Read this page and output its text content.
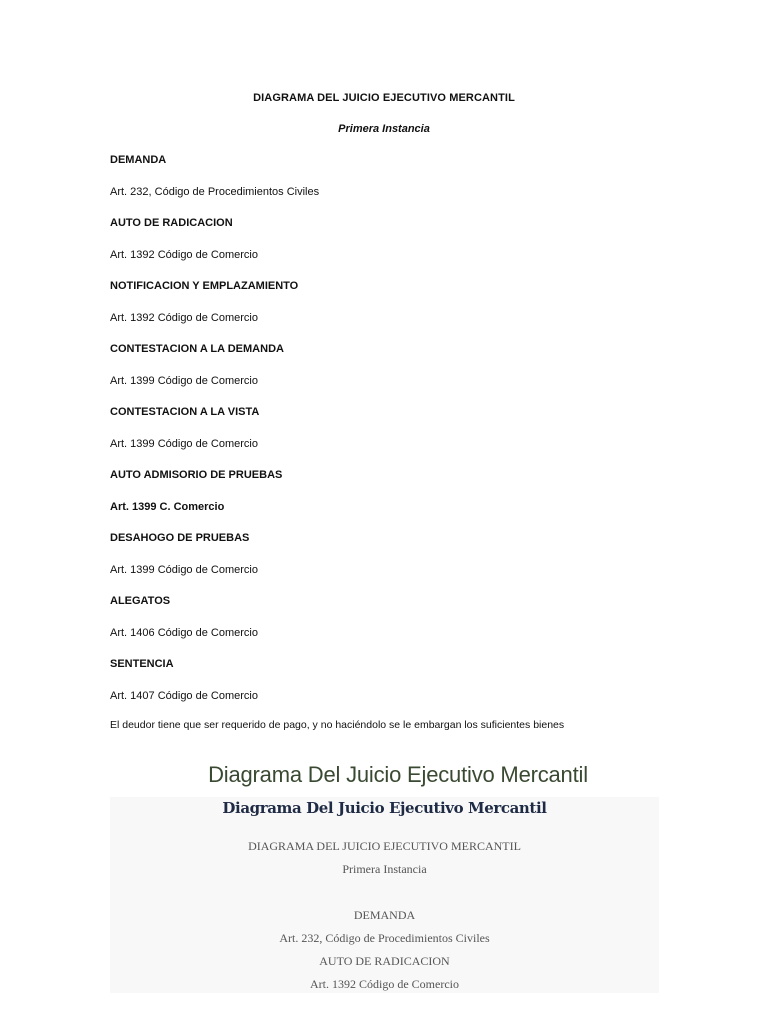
DIAGRAMA DEL JUICIO EJECUTIVO MERCANTIL
Primera Instancia
DEMANDA
Art. 232, Código de Procedimientos Civiles
AUTO DE RADICACION
Art. 1392 Código de Comercio
NOTIFICACION Y EMPLAZAMIENTO
Art. 1392 Código de Comercio
CONTESTACION A LA DEMANDA
Art. 1399 Código de Comercio
CONTESTACION A LA VISTA
Art. 1399 Código de Comercio
AUTO ADMISORIO DE PRUEBAS
Art. 1399 C. Comercio
DESAHOGO DE PRUEBAS
Art. 1399 Código de Comercio
ALEGATOS
Art. 1406 Código de Comercio
SENTENCIA
Art. 1407 Código de Comercio
El deudor tiene que ser requerido de pago, y no haciéndolo se le embargan los suficientes bienes
Diagrama Del Juicio Ejecutivo Mercantil
Diagrama Del Juicio Ejecutivo Mercantil
DIAGRAMA DEL JUICIO EJECUTIVO MERCANTIL
Primera Instancia
DEMANDA
Art. 232, Código de Procedimientos Civiles
AUTO DE RADICACION
Art. 1392 Código de Comercio
